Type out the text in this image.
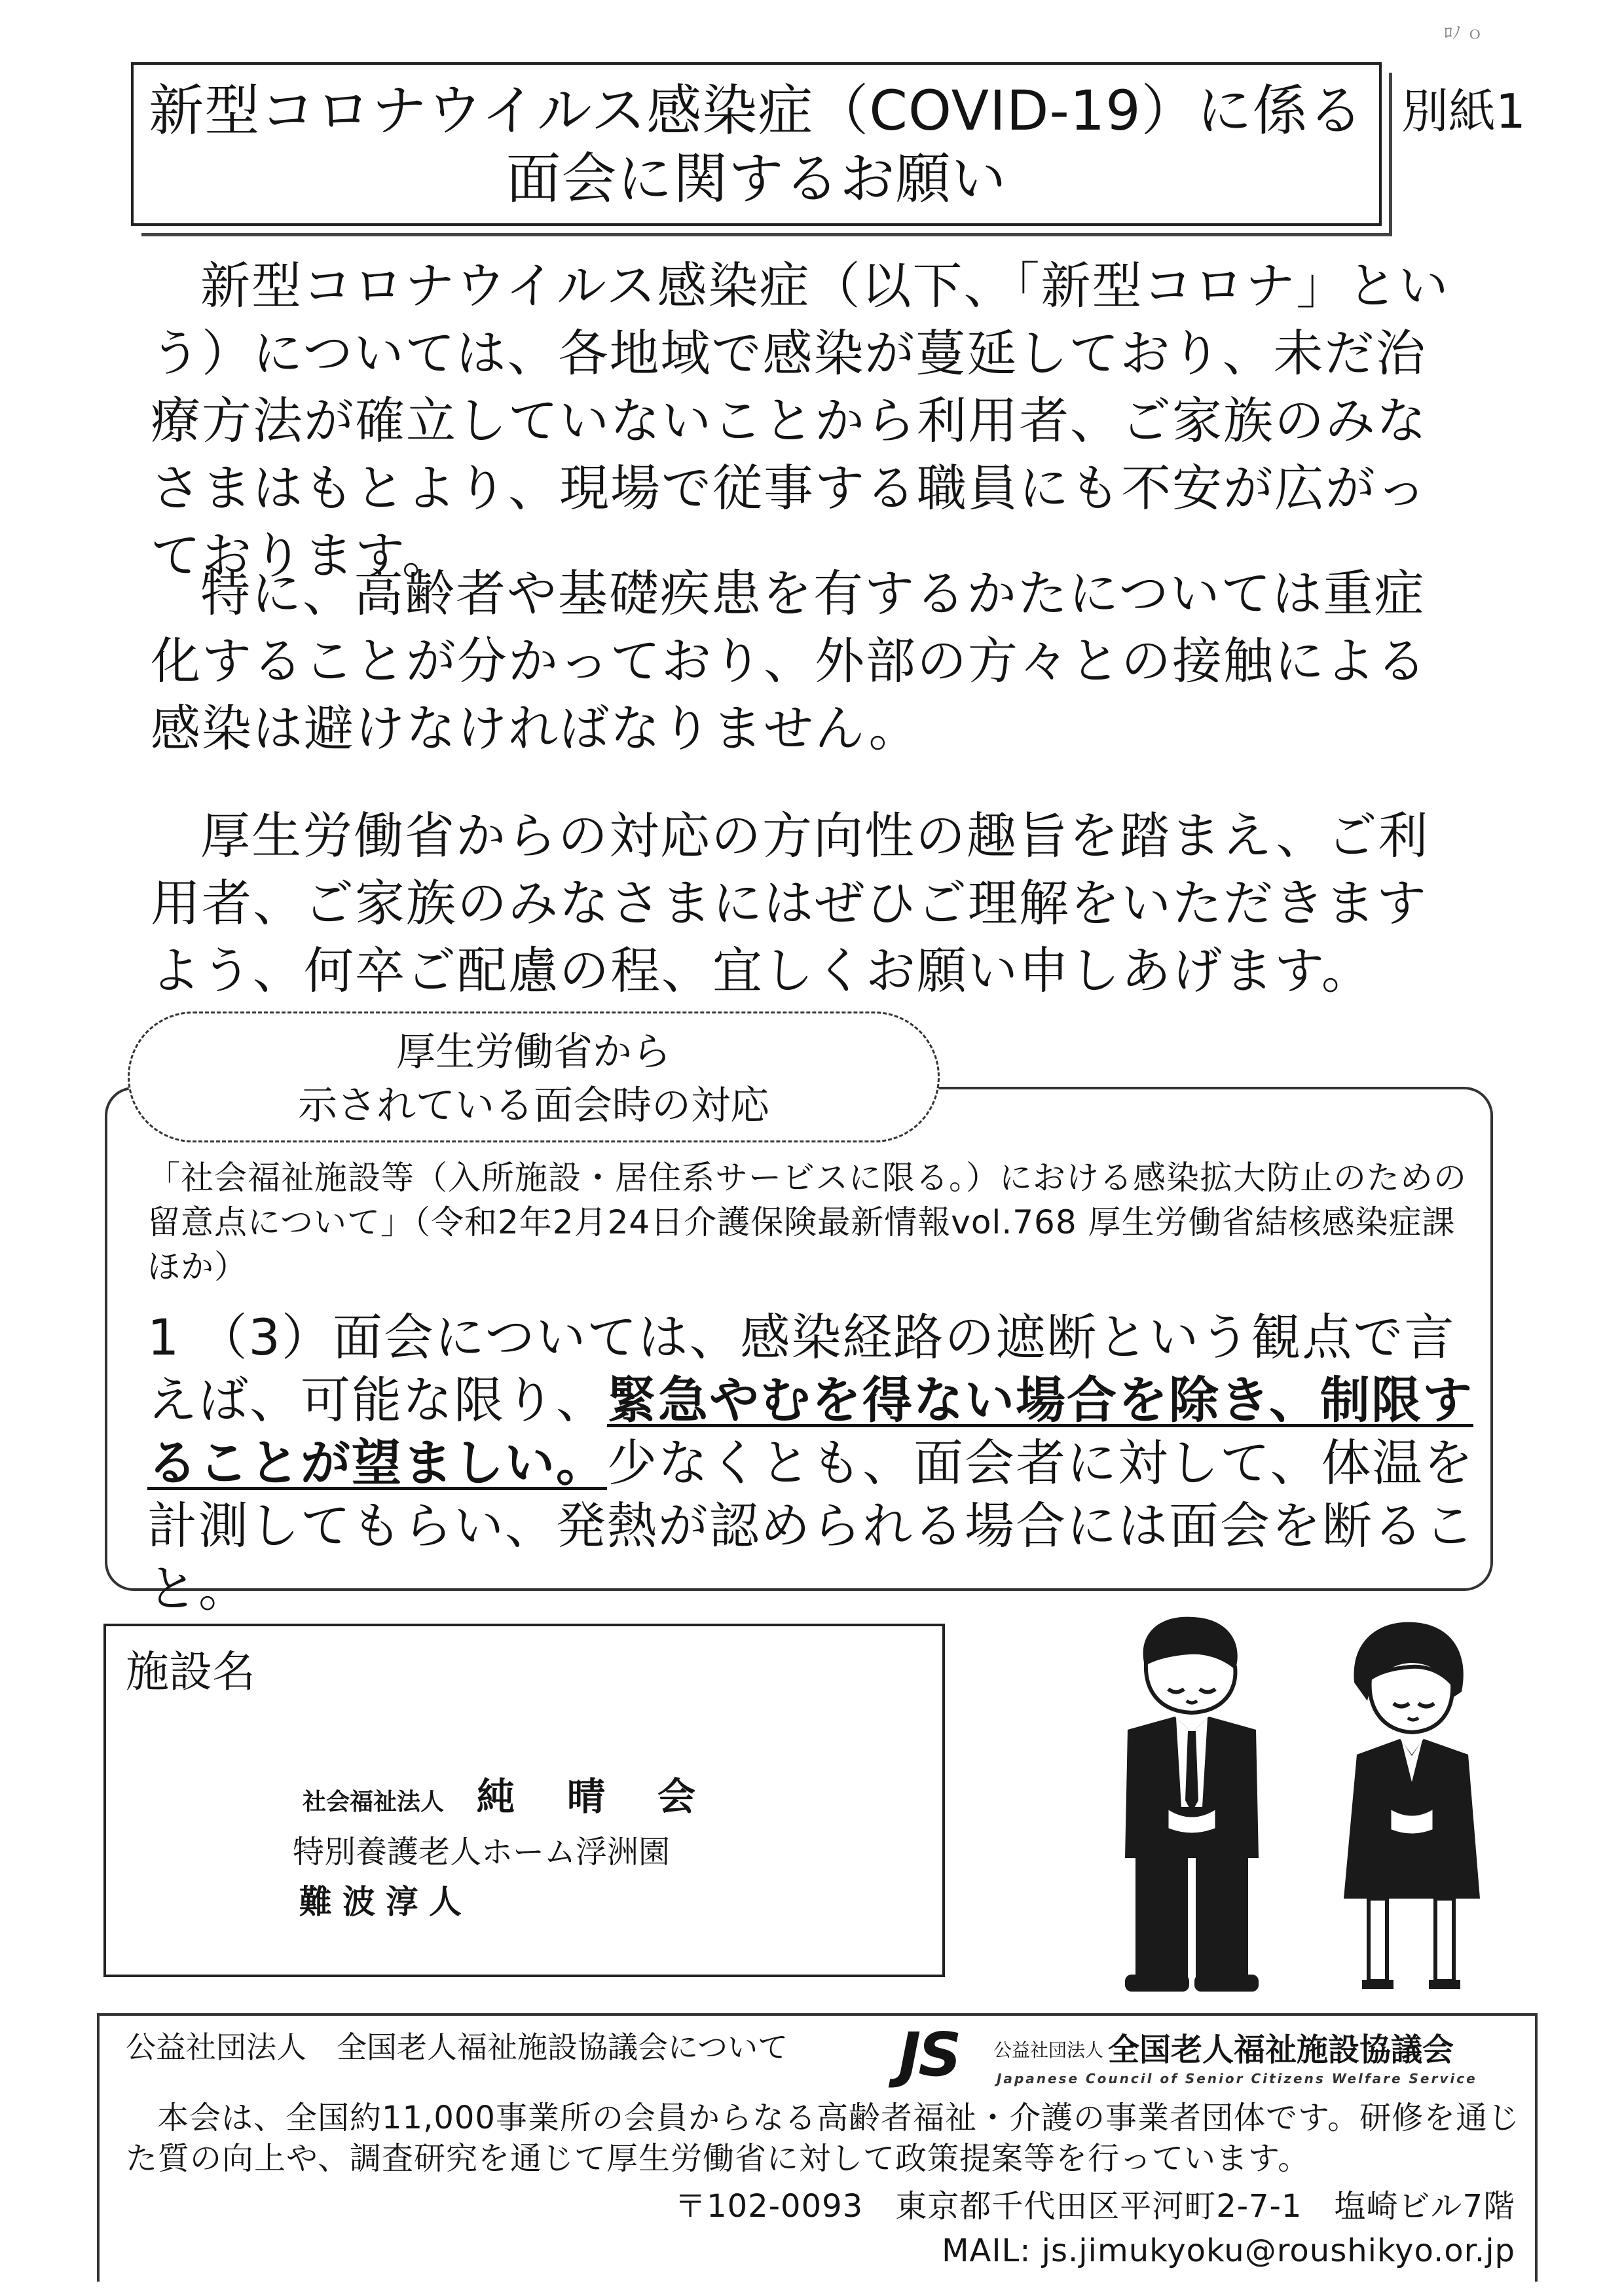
ﾛﾉ ｏ
新型コロナウイルス感染症（COVID-19）に係る
面会に関するお願い
別紙1

新型コロナウイルス感染症（以下、「新型コロナ」という）については、各地域で感染が蔓延しており、未だ治療方法が確立していないことから利用者、ご家族のみなさまはもとより、現場で従事する職員にも不安が広がっております。

特に、高齢者や基礎疾患を有するかたについては重症化することが分かっており、外部の方々との接触による感染は避けなければなりません。

厚生労働省からの対応の方向性の趣旨を踏まえ、ご利用者、ご家族のみなさまにはぜひご理解をいただきますよう、何卒ご配慮の程、宜しくお願い申しあげます。

厚生労働省から
示されている面会時の対応
「社会福祉施設等（入所施設・居住系サービスに限る。）における感染拡大防止のための留意点について」（令和2年2月24日介護保険最新情報vol.768 厚生労働省結核感染症課ほか）
1 （3）面会については、感染経路の遮断という観点で言えば、可能な限り、緊急やむを得ない場合を除き、制限することが望ましい。少なくとも、面会者に対して、体温を計測してもらい、発熱が認められる場合には面会を断ること。
施設名
社会福祉法人 純晴会
特別養護老人ホーム浮洲園
難波淳人
公益社団法人　全国老人福祉施設協議会について JS 公益社団法人 全国老人福祉施設協議会
Japanese Council of Senior Citizens Welfare Service
本会は、全国約11,000事業所の会員からなる高齢者福祉・介護の事業者団体です。研修を通じた質の向上や、調査研究を通じて厚生労働省に対して政策提案等を行っています。
〒102-0093　東京都千代田区平河町2-7-1　塩崎ビル7階
MAIL: js.jimukyoku@roushikyo.or.jp
